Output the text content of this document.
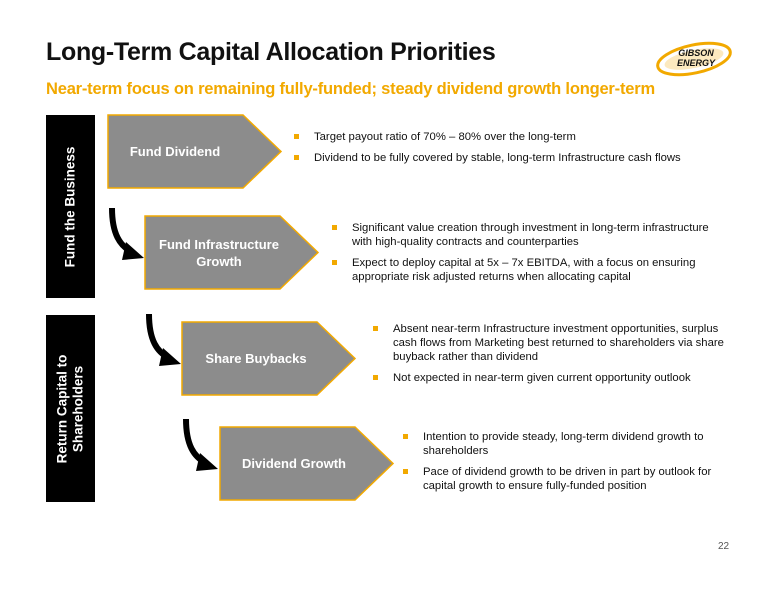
Long-Term Capital Allocation Priorities
Near-term focus on remaining fully-funded; steady dividend growth longer-term
GIBSON
ENERGY
Fund the Business
Return Capital to
Shareholders
Fund Dividend
Target payout ratio of 70% – 80% over the long-term
Dividend to be fully covered by stable, long-term Infrastructure cash flows
Fund Infrastructure Growth
Significant value creation through investment in long-term infrastructure with high-quality contracts and counterparties
Expect to deploy capital at 5x – 7x EBITDA, with a focus on ensuring appropriate risk adjusted returns when allocating capital
Share Buybacks
Absent near-term Infrastructure investment opportunities, surplus cash flows from Marketing best returned to shareholders via share buyback rather than dividend
Not expected in near-term given current opportunity outlook
Dividend Growth
Intention to provide steady, long-term dividend growth to shareholders
Pace of dividend growth to be driven in part by outlook for capital growth to ensure fully-funded position
22
